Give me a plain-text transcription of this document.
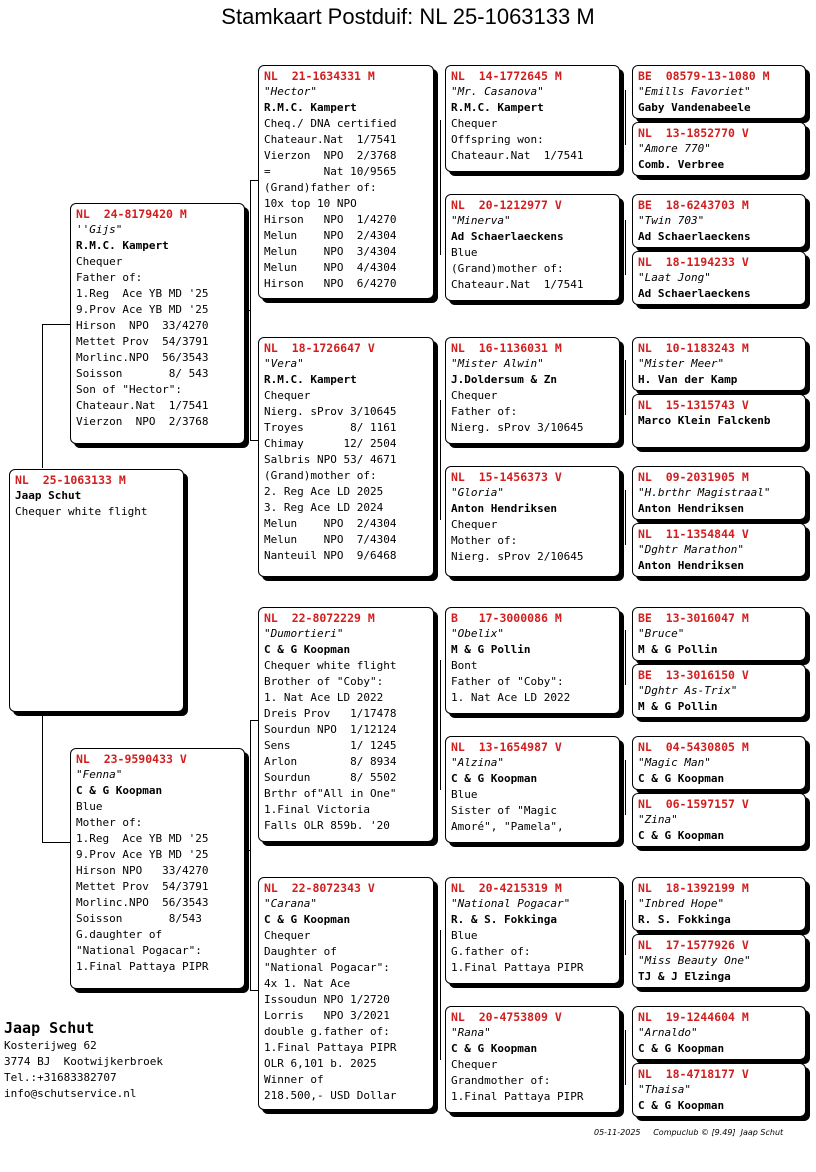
Stamkaart Postduif: NL 25-1063133 M
NL  25-1063133 M
Jaap Schut
Chequer white flight
NL  24-8179420 M
''Gijs"
R.M.C. Kampert
Chequer
Father of:
1.Reg  Ace YB MD '25
9.Prov Ace YB MD '25
Hirson  NPO  33/4270
Mettet Prov  54/3791
Morlinc.NPO  56/3543
Soisson       8/ 543
Son of "Hector":
Chateaur.Nat  1/7541
Vierzon  NPO  2/3768
NL  23-9590433 V
"Fenna"
C & G Koopman
Blue
Mother of:
1.Reg  Ace YB MD '25
9.Prov Ace YB MD '25
Hirson NPO   33/4270
Mettet Prov  54/3791
Morlinc.NPO  56/3543
Soisson       8/543
G.daughter of
"National Pogacar":
1.Final Pattaya PIPR
NL  21-1634331 M
"Hector"
R.M.C. Kampert
Cheq./ DNA certified
Chateaur.Nat  1/7541
Vierzon  NPO  2/3768
=        Nat 10/9565
(Grand)father of:
10x top 10 NPO
Hirson   NPO  1/4270
Melun    NPO  2/4304
Melun    NPO  3/4304
Melun    NPO  4/4304
Hirson   NPO  6/4270
NL  18-1726647 V
"Vera"
R.M.C. Kampert
Chequer
Nierg. sProv 3/10645
Troyes       8/ 1161
Chimay      12/ 2504
Salbris NPO 53/ 4671
(Grand)mother of:
2. Reg Ace LD 2025
3. Reg Ace LD 2024
Melun    NPO  2/4304
Melun    NPO  7/4304
Nanteuil NPO  9/6468
NL  22-8072229 M
"Dumortieri"
C & G Koopman
Chequer white flight
Brother of "Coby":
1. Nat Ace LD 2022
Dreis Prov   1/17478
Sourdun NPO  1/12124
Sens         1/ 1245
Arlon        8/ 8934
Sourdun      8/ 5502
Brthr of"All in One"
1.Final Victoria
Falls OLR 859b. '20
NL  22-8072343 V
"Carana"
C & G Koopman
Chequer
Daughter of
"National Pogacar":
4x 1. Nat Ace
Issoudun NPO 1/2720
Lorris   NPO 3/2021
double g.father of:
1.Final Pattaya PIPR
OLR 6,101 b. 2025
Winner of
218.500,- USD Dollar
NL  14-1772645 M
"Mr. Casanova"
R.M.C. Kampert
Chequer
Offspring won:
Chateaur.Nat  1/7541
NL  20-1212977 V
"Minerva"
Ad Schaerlaeckens
Blue
(Grand)mother of:
Chateaur.Nat  1/7541
NL  16-1136031 M
"Mister Alwin"
J.Doldersum & Zn
Chequer
Father of:
Nierg. sProv 3/10645
NL  15-1456373 V
"Gloria"
Anton Hendriksen
Chequer
Mother of:
Nierg. sProv 2/10645
B   17-3000086 M
"Obelix"
M & G Pollin
Bont
Father of "Coby":
1. Nat Ace LD 2022
NL  13-1654987 V
"Alzina"
C & G Koopman
Blue
Sister of "Magic
Amoré", "Pamela",
NL  20-4215319 M
"National Pogacar"
R. & S. Fokkinga
Blue
G.father of:
1.Final Pattaya PIPR
NL  20-4753809 V
"Rana"
C & G Koopman
Chequer
Grandmother of:
1.Final Pattaya PIPR
BE  08579-13-1080 M
"Emills Favoriet"
Gaby Vandenabeele
NL  13-1852770 V
"Amore 770"
Comb. Verbree
BE  18-6243703 M
"Twin 703"
Ad Schaerlaeckens
NL  18-1194233 V
"Laat Jong"
Ad Schaerlaeckens
NL  10-1183243 M
"Mister Meer"
H. Van der Kamp
NL  15-1315743 V
Marco Klein Falckenb
NL  09-2031905 M
"H.brthr Magistraal"
Anton Hendriksen
NL  11-1354844 V
"Dghtr Marathon"
Anton Hendriksen
BE  13-3016047 M
"Bruce"
M & G Pollin
BE  13-3016150 V
"Dghtr As-Trix"
M & G Pollin
NL  04-5430805 M
"Magic Man"
C & G Koopman
NL  06-1597157 V
"Zina"
C & G Koopman
NL  18-1392199 M
"Inbred Hope"
R. S. Fokkinga
NL  17-1577926 V
"Miss Beauty One"
TJ & J Elzinga
NL  19-1244604 M
"Arnaldo"
C & G Koopman
NL  18-4718177 V
"Thaisa"
C & G Koopman
Jaap Schut
Kosterijweg 62
3774 BJ  Kootwijkerbroek
Tel.:+31683382707
info@schutservice.nl
05-11-2025     Compuclub © [9.49]  Jaap Schut
